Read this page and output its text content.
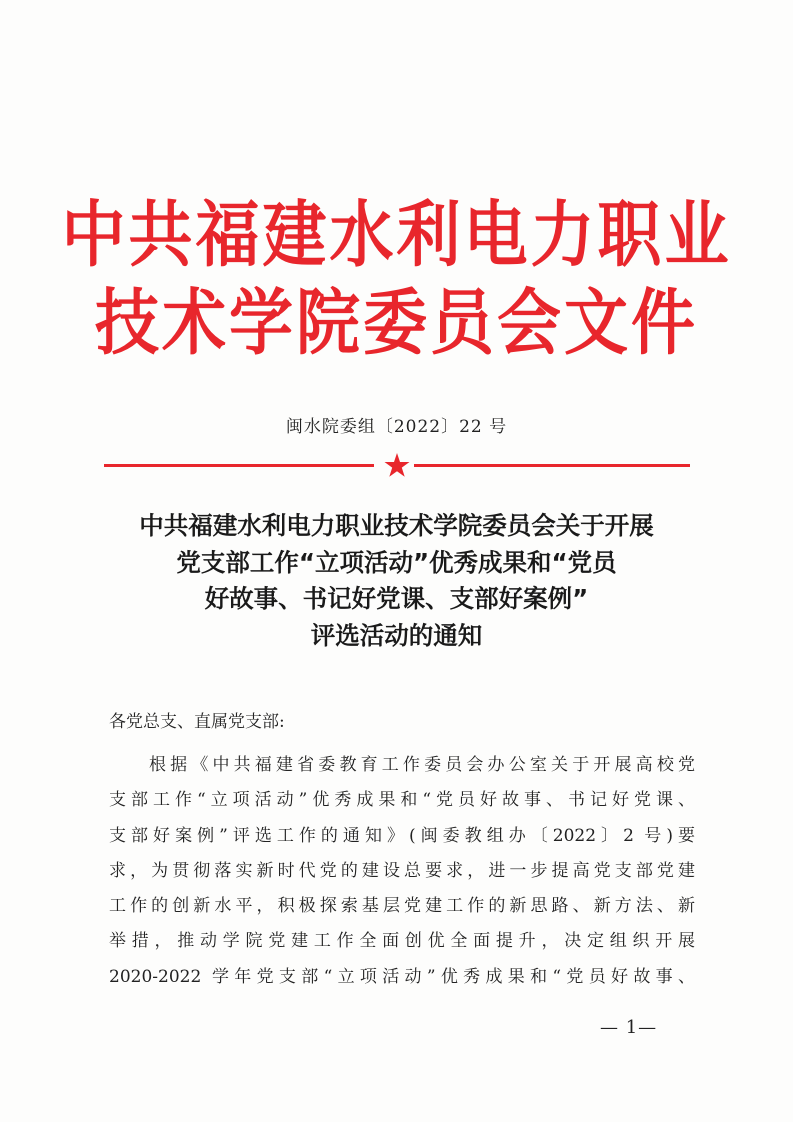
中共福建水利电力职业
技术学院委员会文件
闽水院委组〔2022〕22 号
中共福建水利电力职业技术学院委员会关于开展
党支部工作“立项活动”优秀成果和“党员
好故事、书记好党课、支部好案例”
评选活动的通知
各党总支、直属党支部:
根据《中共福建省委教育工作委员会办公室关于开展高校党
支部工作“立项活动”优秀成果和“党员好故事、书记好党课、
支部好案例”评选工作的通知》(闽委教组办〔2022〕2 号)要
求，为贯彻落实新时代党的建设总要求，进一步提高党支部党建
工作的创新水平，积极探索基层党建工作的新思路、新方法、新
举措，推动学院党建工作全面创优全面提升，决定组织开展
2020-2022 学年党支部“立项活动”优秀成果和“党员好故事、
— 1—
